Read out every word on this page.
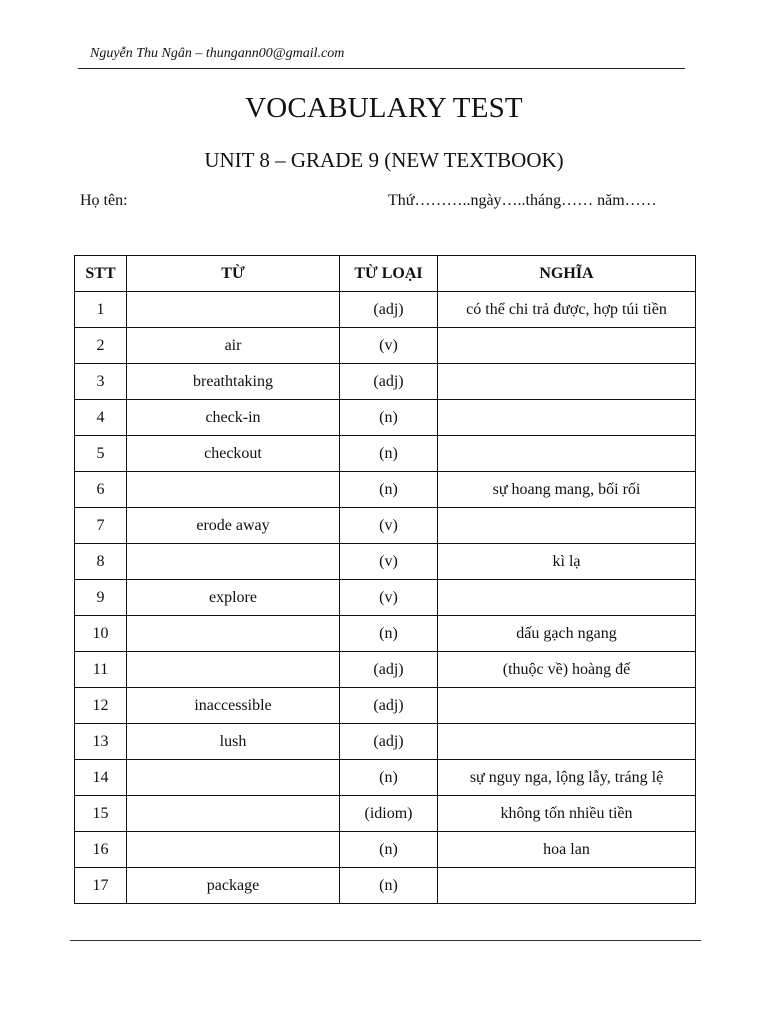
Nguyễn Thu Ngân – thungann00@gmail.com
VOCABULARY TEST
UNIT 8 – GRADE 9 (NEW TEXTBOOK)
Họ tên:	Thứ………..ngày…..tháng…… năm……
STT	TỪ	TỪ LOẠI	NGHĨA
1		(adj)	có thể chi trả được, hợp túi tiền
2	air	(v)	
3	breathtaking	(adj)	
4	check-in	(n)	
5	checkout	(n)	
6		(n)	sự hoang mang, bối rối
7	erode away	(v)	
8		(v)	kì lạ
9	explore	(v)	
10		(n)	dấu gạch ngang
11		(adj)	(thuộc về) hoàng đế
12	inaccessible	(adj)	
13	lush	(adj)	
14		(n)	sự nguy nga, lộng lẫy, tráng lệ
15		(idiom)	không tốn nhiều tiền
16		(n)	hoa lan
17	package	(n)	
